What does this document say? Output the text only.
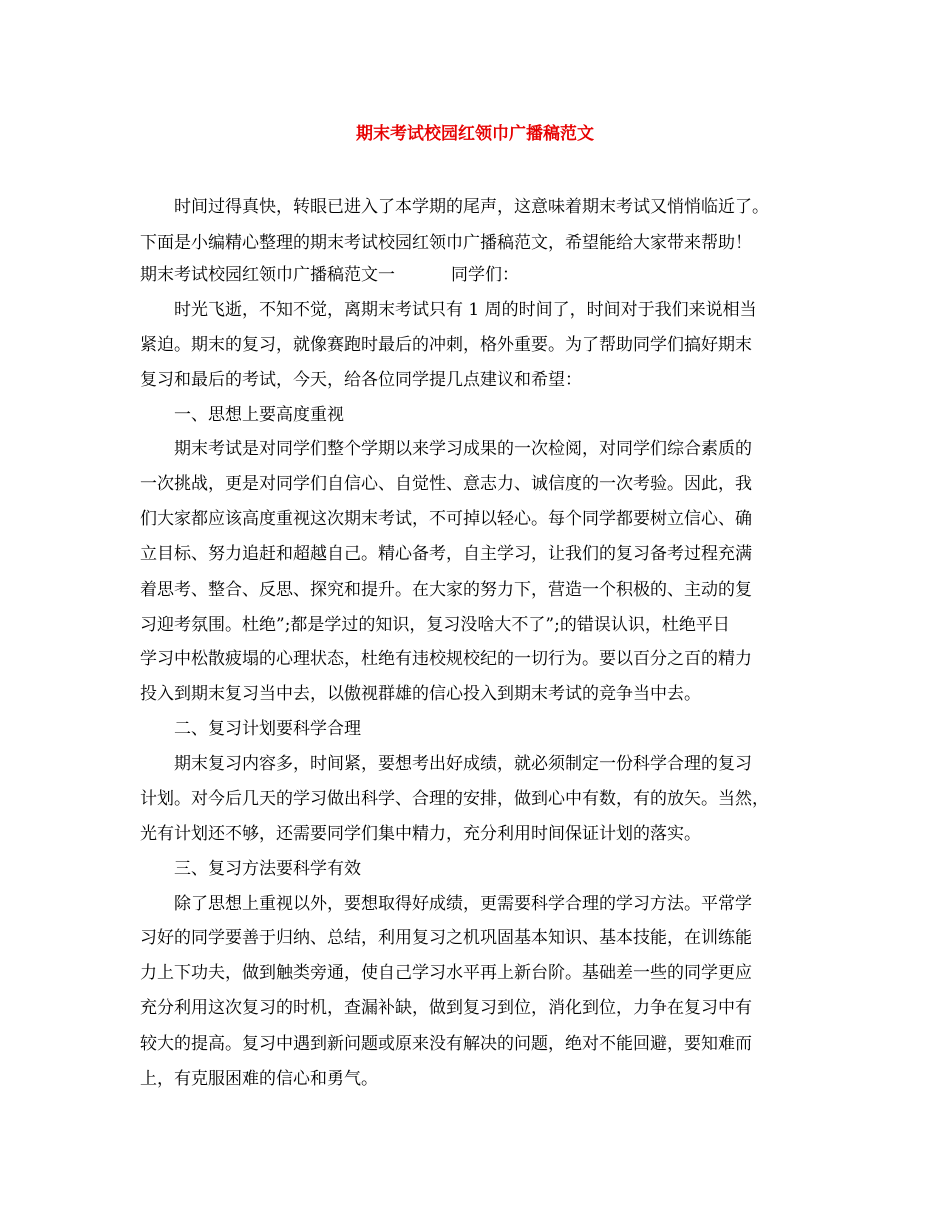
期末考试校园红领巾广播稿范文
时间过得真快，转眼已进入了本学期的尾声，这意味着期末考试又悄悄临近了。
下面是小编精心整理的期末考试校园红领巾广播稿范文，希望能给大家带来帮助！
期末考试校园红领巾广播稿范文一	同学们：
时光飞逝，不知不觉，离期末考试只有 1 周的时间了，时间对于我们来说相当
紧迫。期末的复习，就像赛跑时最后的冲刺，格外重要。为了帮助同学们搞好期末
复习和最后的考试，今天，给各位同学提几点建议和希望：
一、思想上要高度重视
期末考试是对同学们整个学期以来学习成果的一次检阅，对同学们综合素质的
一次挑战，更是对同学们自信心、自觉性、意志力、诚信度的一次考验。因此，我
们大家都应该高度重视这次期末考试，不可掉以轻心。每个同学都要树立信心、确
立目标、努力追赶和超越自己。精心备考，自主学习，让我们的复习备考过程充满
着思考、整合、反思、探究和提升。在大家的努力下，营造一个积极的、主动的复
习迎考氛围。杜绝”;都是学过的知识，复习没啥大不了”;的错误认识，杜绝平日
学习中松散疲塌的心理状态，杜绝有违校规校纪的一切行为。要以百分之百的精力
投入到期末复习当中去，以傲视群雄的信心投入到期末考试的竞争当中去。
二、复习计划要科学合理
期末复习内容多，时间紧，要想考出好成绩，就必须制定一份科学合理的复习
计划。对今后几天的学习做出科学、合理的安排，做到心中有数，有的放矢。当然，
光有计划还不够，还需要同学们集中精力，充分利用时间保证计划的落实。
三、复习方法要科学有效
除了思想上重视以外，要想取得好成绩，更需要科学合理的学习方法。平常学
习好的同学要善于归纳、总结，利用复习之机巩固基本知识、基本技能，在训练能
力上下功夫，做到触类旁通，使自己学习水平再上新台阶。基础差一些的同学更应
充分利用这次复习的时机，查漏补缺，做到复习到位，消化到位，力争在复习中有
较大的提高。复习中遇到新问题或原来没有解决的问题，绝对不能回避，要知难而
上，有克服困难的信心和勇气。
